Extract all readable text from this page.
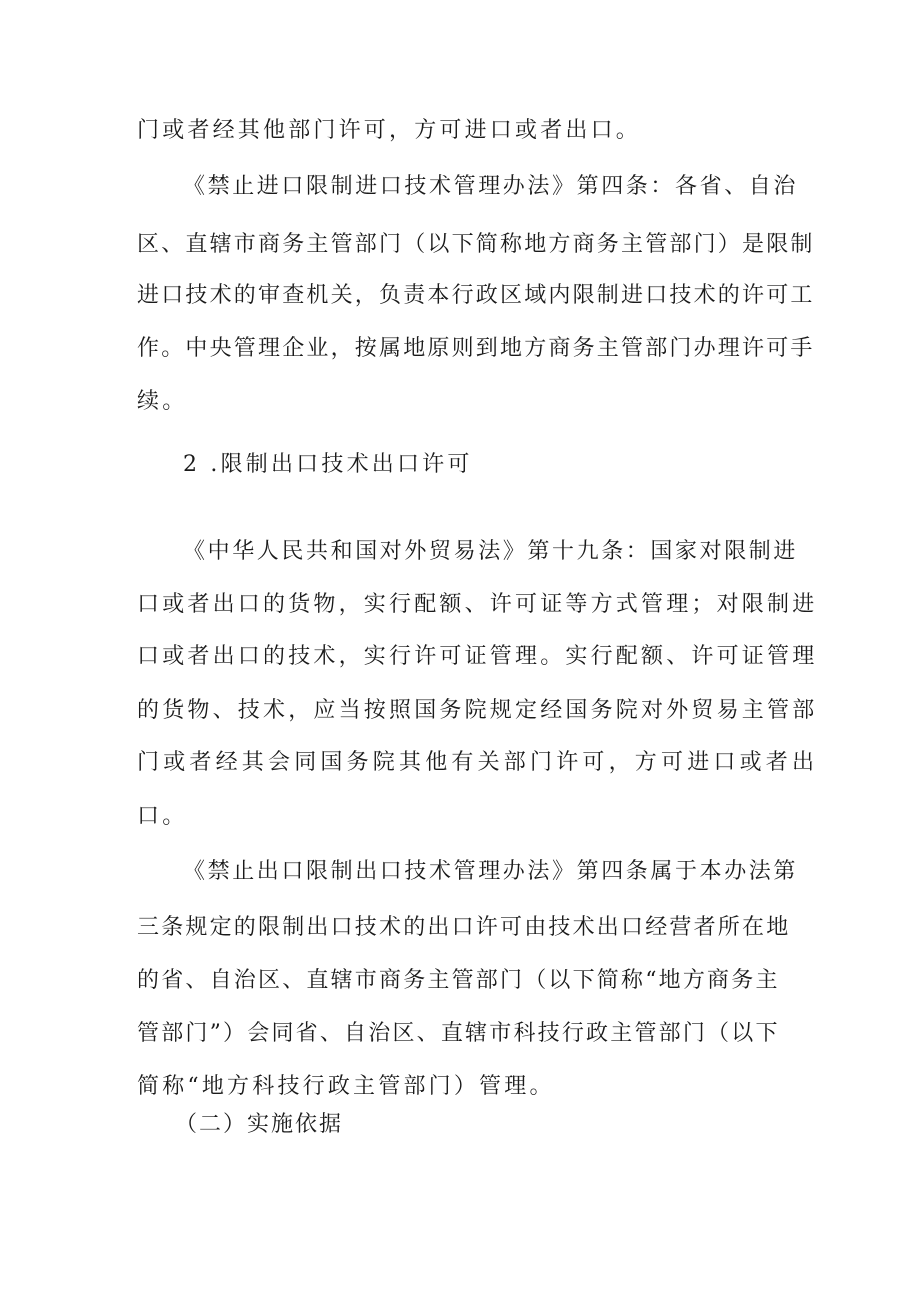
门或者经其他部门许可，方可进口或者出口。
《禁止进口限制进口技术管理办法》第四条：各省、自治
区、直辖市商务主管部门（以下简称地方商务主管部门）是限制
进口技术的审查机关，负责本行政区域内限制进口技术的许可工
作。中央管理企业，按属地原则到地方商务主管部门办理许可手
续。
2 .限制出口技术出口许可
《中华人民共和国对外贸易法》第十九条：国家对限制进
口或者出口的货物，实行配额、许可证等方式管理；对限制进
口或者出口的技术，实行许可证管理。实行配额、许可证管理
的货物、技术，应当按照国务院规定经国务院对外贸易主管部
门或者经其会同国务院其他有关部门许可，方可进口或者出
口。
《禁止出口限制出口技术管理办法》第四条属于本办法第
三条规定的限制出口技术的出口许可由技术出口经营者所在地
的省、自治区、直辖市商务主管部门（以下简称“地方商务主
管部门”）会同省、自治区、直辖市科技行政主管部门（以下
简称“地方科技行政主管部门）管理。
（二）实施依据
